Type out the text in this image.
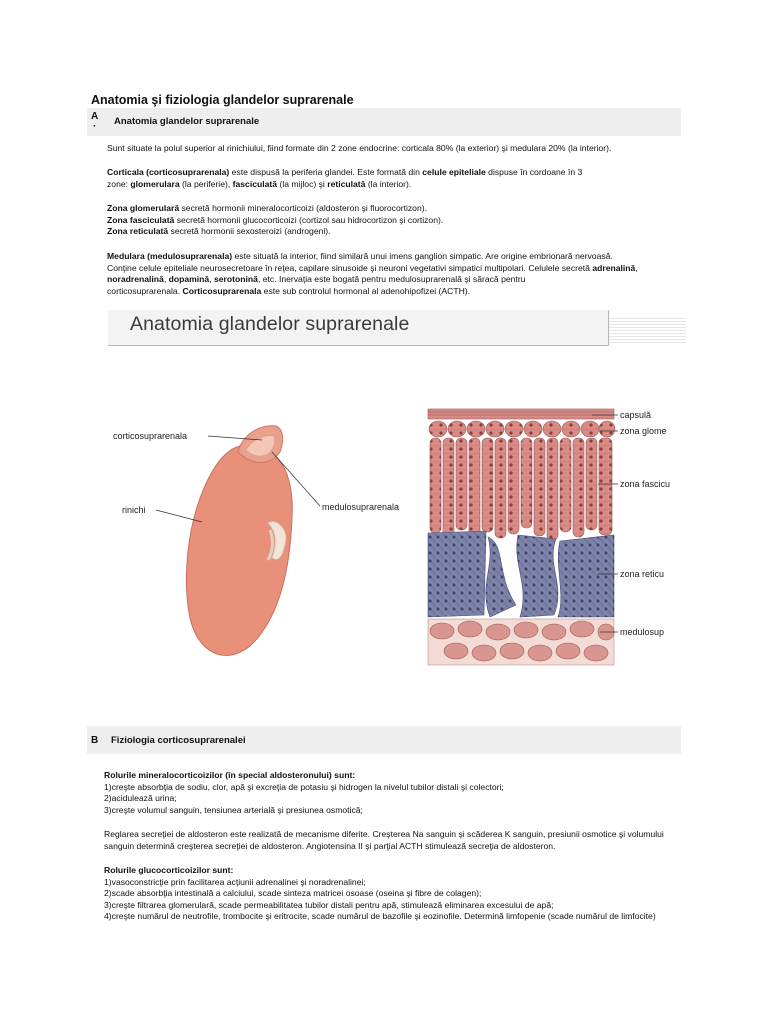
Anatomia şi fiziologia glandelor suprarenale
A
· Anatomia glandelor suprarenale
Sunt situate la polul superior al rinichiului, fiind formate din 2 zone endocrine: corticala 80% (la exterior) şi medulara 20% (la interior).
Corticala (corticosuprarenala) este dispusă la periferia glandei. Este formată din celule epiteliale dispuse în cordoane în 3
zone: glomerulara (la periferie), fasciculată (la mijloc) şi reticulată (la interior).
Zona glomerulară secretă hormonii mineralocorticoizi (aldosteron şi fluorocortizon).
Zona fasciculată secretă hormonii glucocorticoizi (cortizol sau hidrocortizon şi cortizon).
Zona reticulată secretă hormonii sexosteroizi (androgeni).
Medulara (medulosuprarenala) este situată la interior, fiind similară unui imens ganglion simpatic. Are origine embrionară nervoasă.
Conţine celule epiteliale neurosecretoare în reţea, capilare sinusoide şi neuroni vegetativi simpatici multipolari. Celulele secretă adrenalină,
noradrenalină, dopamină, serotonină, etc. Inervaţia este bogată pentru medulosuprarenală şi săracă pentru
corticosuprarenala. Corticosuprarenala este sub controlul hormonal al adenohipofizei (ACTH).
Anatomia glandelor suprarenale
corticosuprarenala
rinichi	medulosuprarenala
capsulă
zona glome
zona fascicu
zona reticu
medulosup
B Fiziologia corticosuprarenalei
Rolurile mineralocorticoizilor (în special aldosteronului) sunt:
1)creşte absorbţia de sodiu, clor, apă şi excreţia de potasiu şi hidrogen la nivelul tubilor distali şi colectori;
2)acidulează urina;
3)creşte volumul sanguin, tensiunea arterială şi presiunea osmotică;
Reglarea secreţiei de aldosteron este realizată de mecanisme diferite. Creşterea Na sanguin şi scăderea K sanguin, presiunii osmotice şi volumului
sanguin determină creşterea secreţiei de aldosteron. Angiotensina II şi parţial ACTH stimulează secreţia de aldosteron.
Rolurile glucocorticoizilor sunt:
1)vasoconstricţie prin facilitarea acţiunii adrenalinei şi noradrenalinei;
2)scade absorbţia intestinală a calciului, scade sinteza matricei osoase (oseina şi fibre de colagen);
3)creşte filtrarea glomerulară, scade permeabilitatea tubilor distali pentru apă, stimulează eliminarea excesului de apă;
4)creşte numărul de neutrofile, trombocite şi eritrocite, scade numărul de bazofile şi eozinofile. Determină limfopenie (scade numărul de limfocite)
